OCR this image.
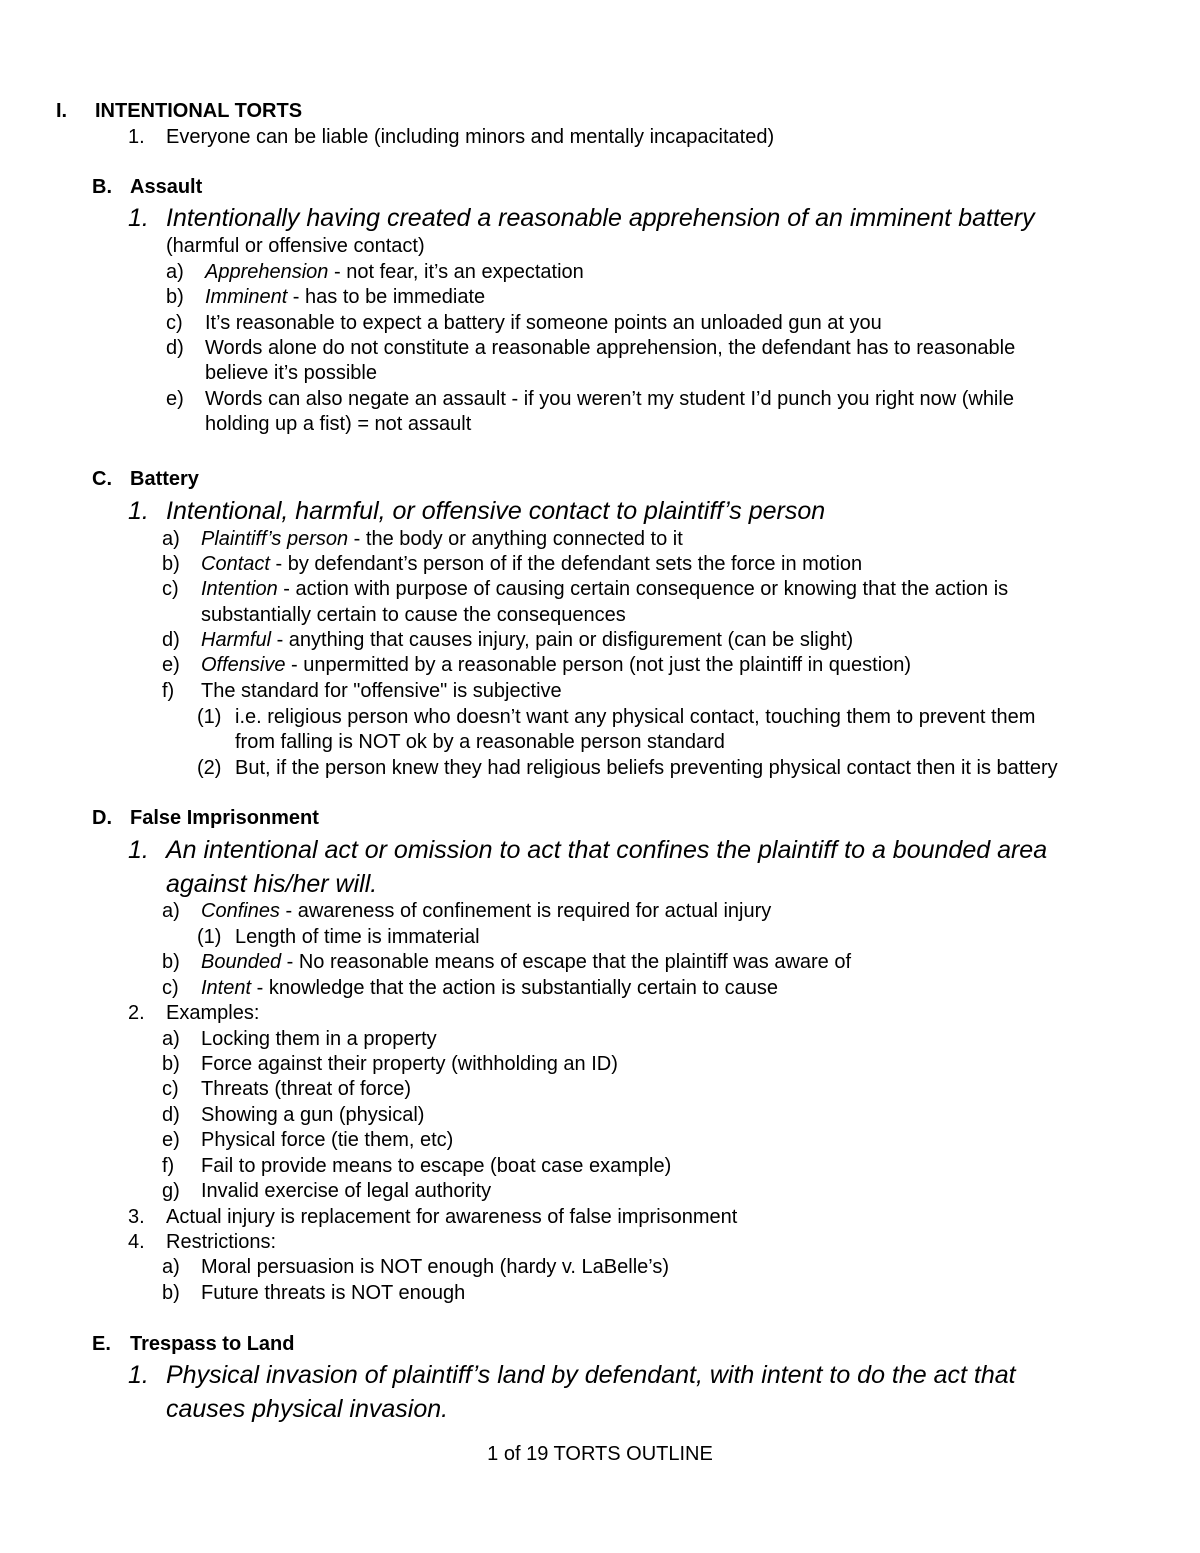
I. INTENTIONAL TORTS
1. Everyone can be liable (including minors and mentally incapacitated)
B. Assault
1. Intentionally having created a reasonable apprehension of an imminent battery
(harmful or offensive contact)
a) Apprehension - not fear, it’s an expectation
b) Imminent - has to be immediate
c) It’s reasonable to expect a battery if someone points an unloaded gun at you
d) Words alone do not constitute a reasonable apprehension, the defendant has to reasonable
believe it’s possible
e) Words can also negate an assault - if you weren’t my student I’d punch you right now (while
holding up a fist) = not assault
C. Battery
1. Intentional, harmful, or offensive contact to plaintiff’s person
a) Plaintiff’s person - the body or anything connected to it
b) Contact - by defendant’s person of if the defendant sets the force in motion
c) Intention - action with purpose of causing certain consequence or knowing that the action is
substantially certain to cause the consequences
d) Harmful - anything that causes injury, pain or disfigurement (can be slight)
e) Offensive - unpermitted by a reasonable person (not just the plaintiff in question)
f) The standard for "offensive" is subjective
(1) i.e. religious person who doesn’t want any physical contact, touching them to prevent them
from falling is NOT ok by a reasonable person standard
(2) But, if the person knew they had religious beliefs preventing physical contact then it is battery
D. False Imprisonment
1. An intentional act or omission to act that confines the plaintiff to a bounded area
against his/her will.
a) Confines - awareness of confinement is required for actual injury
(1) Length of time is immaterial
b) Bounded - No reasonable means of escape that the plaintiff was aware of
c) Intent - knowledge that the action is substantially certain to cause
2. Examples:
a) Locking them in a property
b) Force against their property (withholding an ID)
c) Threats (threat of force)
d) Showing a gun (physical)
e) Physical force (tie them, etc)
f) Fail to provide means to escape (boat case example)
g) Invalid exercise of legal authority
3. Actual injury is replacement for awareness of false imprisonment
4. Restrictions:
a) Moral persuasion is NOT enough (hardy v. LaBelle’s)
b) Future threats is NOT enough
E. Trespass to Land
1. Physical invasion of plaintiff’s land by defendant, with intent to do the act that
causes physical invasion.
1 of 19 TORTS OUTLINE
